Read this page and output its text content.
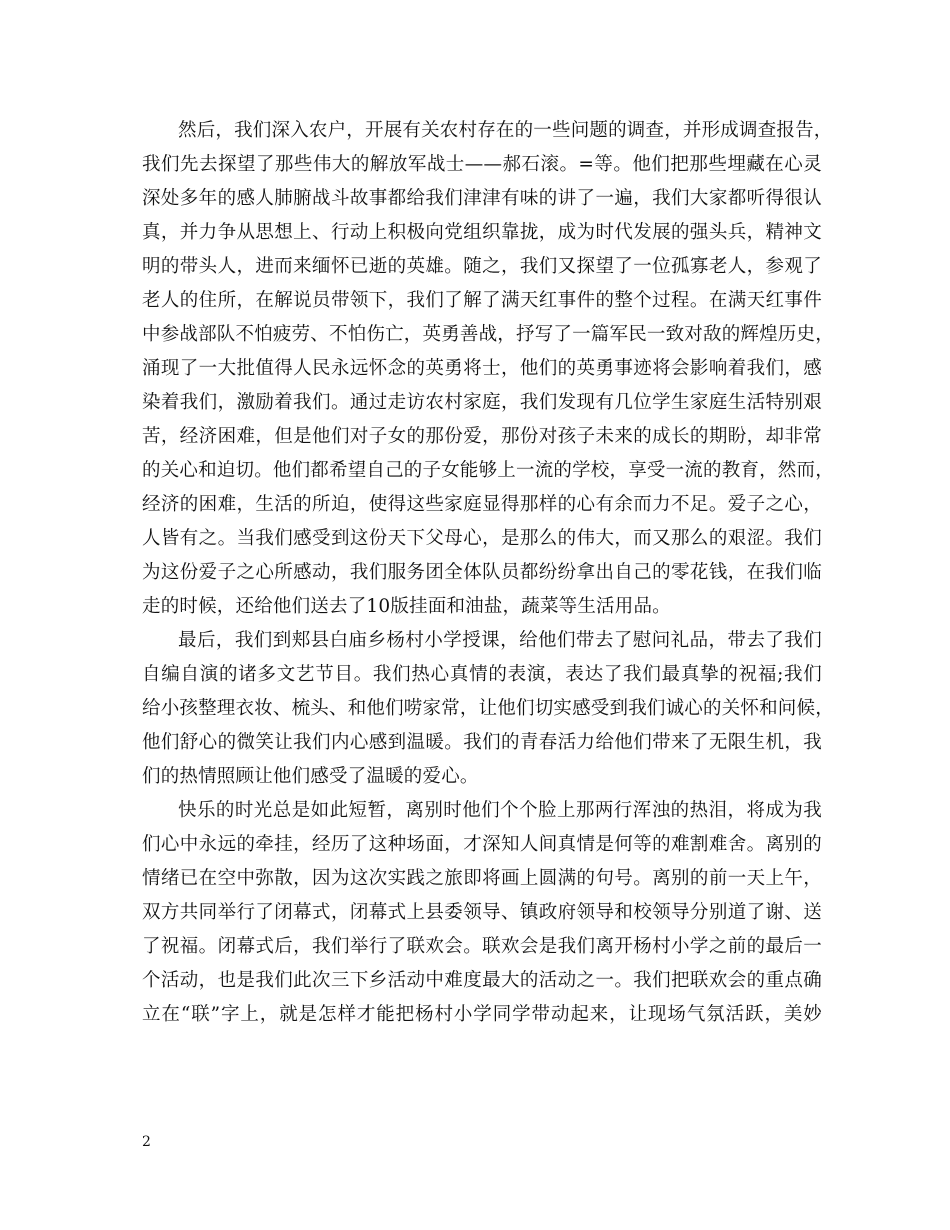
然后，我们深入农户，开展有关农村存在的一些问题的调查，并形成调查报告，
我们先去探望了那些伟大的解放军战士——郝石滚。=等。他们把那些埋藏在心灵
深处多年的感人肺腑战斗故事都给我们津津有味的讲了一遍，我们大家都听得很认
真，并力争从思想上、行动上积极向党组织靠拢，成为时代发展的强头兵，精神文
明的带头人，进而来缅怀已逝的英雄。随之，我们又探望了一位孤寡老人，参观了
老人的住所，在解说员带领下，我们了解了满天红事件的整个过程。在满天红事件
中参战部队不怕疲劳、不怕伤亡，英勇善战，抒写了一篇军民一致对敌的辉煌历史，
涌现了一大批值得人民永远怀念的英勇将士，他们的英勇事迹将会影响着我们，感
染着我们，激励着我们。通过走访农村家庭，我们发现有几位学生家庭生活特别艰
苦，经济困难，但是他们对子女的那份爱，那份对孩子未来的成长的期盼，却非常
的关心和迫切。他们都希望自己的子女能够上一流的学校，享受一流的教育，然而，
经济的困难，生活的所迫，使得这些家庭显得那样的心有余而力不足。爱子之心，
人皆有之。当我们感受到这份天下父母心，是那么的伟大，而又那么的艰涩。我们
为这份爱子之心所感动，我们服务团全体队员都纷纷拿出自己的零花钱，在我们临
走的时候，还给他们送去了10版挂面和油盐，蔬菜等生活用品。
最后，我们到郏县白庙乡杨村小学授课，给他们带去了慰问礼品，带去了我们
自编自演的诸多文艺节目。我们热心真情的表演，表达了我们最真挚的祝福;我们
给小孩整理衣妆、梳头、和他们唠家常，让他们切实感受到我们诚心的关怀和问候，
他们舒心的微笑让我们内心感到温暖。我们的青春活力给他们带来了无限生机，我
们的热情照顾让他们感受了温暖的爱心。
快乐的时光总是如此短暂，离别时他们个个脸上那两行浑浊的热泪，将成为我
们心中永远的牵挂，经历了这种场面，才深知人间真情是何等的难割难舍。离别的
情绪已在空中弥散，因为这次实践之旅即将画上圆满的句号。离别的前一天上午，
双方共同举行了闭幕式，闭幕式上县委领导、镇政府领导和校领导分别道了谢、送
了祝福。闭幕式后，我们举行了联欢会。联欢会是我们离开杨村小学之前的最后一
个活动，也是我们此次三下乡活动中难度最大的活动之一。我们把联欢会的重点确
立在“联”字上，就是怎样才能把杨村小学同学带动起来，让现场气氛活跃，美妙
2
